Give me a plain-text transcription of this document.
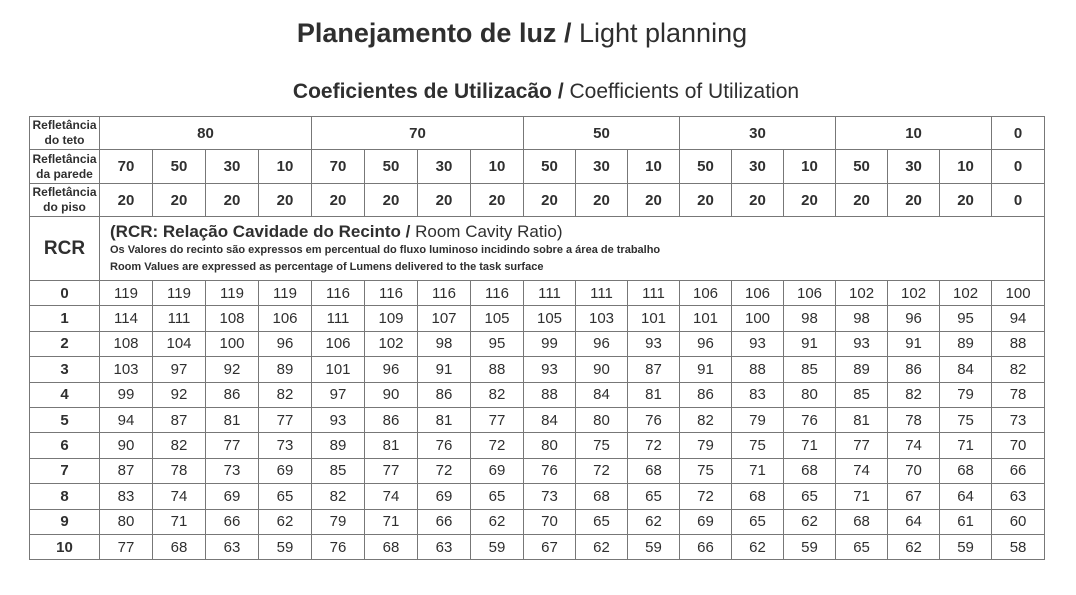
Planejamento de luz / Light planning
Coeficientes de Utilizacão / Coefficients of Utilization
Refletância do teto	80				70				50			30			10			0
Refletância da parede	70	50	30	10	70	50	30	10	50	30	10	50	30	10	50	30	10	0
Refletância do piso	20	20	20	20	20	20	20	20	20	20	20	20	20	20	20	20	20	0
RCR	(RCR: Relação Cavidade do Recinto / Room Cavity Ratio)
Os Valores do recinto são expressos em percentual do fluxo luminoso incidindo sobre a área de trabalho
Room Values are expressed as percentage of Lumens delivered to the task surface																	

0	119	119	119	119	116	116	116	116	111	111	111	106	106	106	102	102	102	100
1	114	111	108	106	111	109	107	105	105	103	101	101	100	98	98	96	95	94
2	108	104	100	96	106	102	98	95	99	96	93	96	93	91	93	91	89	88
3	103	97	92	89	101	96	91	88	93	90	87	91	88	85	89	86	84	82
4	99	92	86	82	97	90	86	82	88	84	81	86	83	80	85	82	79	78
5	94	87	81	77	93	86	81	77	84	80	76	82	79	76	81	78	75	73
6	90	82	77	73	89	81	76	72	80	75	72	79	75	71	77	74	71	70
7	87	78	73	69	85	77	72	69	76	72	68	75	71	68	74	70	68	66
8	83	74	69	65	82	74	69	65	73	68	65	72	68	65	71	67	64	63
9	80	71	66	62	79	71	66	62	70	65	62	69	65	62	68	64	61	60
10	77	68	63	59	76	68	63	59	67	62	59	66	62	59	65	62	59	58
